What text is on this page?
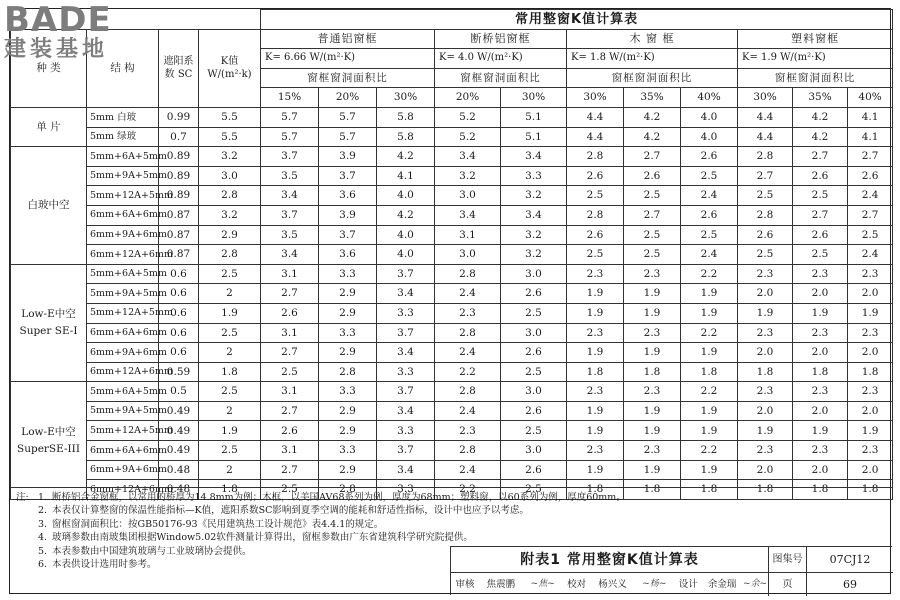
BADE
建装基地
				常用整窗K值计算表										
种 类	结 构	遮阳系数 SC	K值 W/(m²·k)	普通铝窗框			断桥铝窗框		木 窗 框			塑料窗框		
				K= 6.66 W/(m²·K)			K= 4.0 W/(m²·K)		K= 1.8 W/(m²·K)			K= 1.9 W/(m²·K)		
				窗框窗洞面积比			窗框窗洞面积比		窗框窗洞面积比			窗框窗洞面积比		
				15%	20%	30%	20%	30%	30%	35%	40%	30%	35%	40%
单 片	5mm 白玻	0.99	5.5	5.7	5.7	5.8	5.2	5.1	4.4	4.2	4.0	4.4	4.2	4.1
	5mm 绿玻	0.7	5.5	5.7	5.7	5.8	5.2	5.1	4.4	4.2	4.0	4.4	4.2	4.1
白玻中空	5mm+6A+5mm	0.89	3.2	3.7	3.9	4.2	3.4	3.4	2.8	2.7	2.6	2.8	2.7	2.7
	5mm+9A+5mm	0.89	3.0	3.5	3.7	4.1	3.2	3.3	2.6	2.6	2.5	2.7	2.6	2.6
	5mm+12A+5mm	0.89	2.8	3.4	3.6	4.0	3.0	3.2	2.5	2.5	2.4	2.5	2.5	2.4
	6mm+6A+6mm	0.87	3.2	3.7	3.9	4.2	3.4	3.4	2.8	2.7	2.6	2.8	2.7	2.7
	6mm+9A+6mm	0.87	2.9	3.5	3.7	4.0	3.1	3.2	2.6	2.5	2.5	2.6	2.6	2.5
	6mm+12A+6mm	0.87	2.8	3.4	3.6	4.0	3.0	3.2	2.5	2.5	2.4	2.5	2.5	2.4
Low-E中空 Super SE-I	5mm+6A+5mm	0.6	2.5	3.1	3.3	3.7	2.8	3.0	2.3	2.3	2.2	2.3	2.3	2.3
	5mm+9A+5mm	0.6	2	2.7	2.9	3.4	2.4	2.6	1.9	1.9	1.9	2.0	2.0	2.0
	5mm+12A+5mm	0.6	1.9	2.6	2.9	3.3	2.3	2.5	1.9	1.9	1.9	1.9	1.9	1.9
	6mm+6A+6mm	0.6	2.5	3.1	3.3	3.7	2.8	3.0	2.3	2.3	2.2	2.3	2.3	2.3
	6mm+9A+6mm	0.6	2	2.7	2.9	3.4	2.4	2.6	1.9	1.9	1.9	2.0	2.0	2.0
	6mm+12A+6mm	0.59	1.8	2.5	2.8	3.3	2.2	2.5	1.8	1.8	1.8	1.8	1.8	1.8
Low-E中空 SuperSE-III	5mm+6A+5mm	0.5	2.5	3.1	3.3	3.7	2.8	3.0	2.3	2.3	2.2	2.3	2.3	2.3
	5mm+9A+5mm	0.49	2	2.7	2.9	3.4	2.4	2.6	1.9	1.9	1.9	2.0	2.0	2.0
	5mm+12A+5mm	0.49	1.9	2.6	2.9	3.3	2.3	2.5	1.9	1.9	1.9	1.9	1.9	1.9
	6mm+6A+6mm	0.49	2.5	3.1	3.3	3.7	2.8	3.0	2.3	2.3	2.2	2.3	2.3	2.3
	6mm+9A+6mm	0.48	2	2.7	2.9	3.4	2.4	2.6	1.9	1.9	1.9	2.0	2.0	2.0
	6mm+12A+6mm	0.48	1.8	2.5	2.8	3.3	2.2	2.5	1.8	1.8	1.8	1.8	1.8	1.8
注: 1. 断桥铝合金窗框，以常用的桥厚为14.8mm为例；木框，以美国AV68系列为例，厚度为68mm；塑料窗，以60系列为例，厚度60mm。
2. 本表仅计算整窗的保温性能指标—K值，遮阳系数SC影响到夏季空调的能耗和舒适性指标，设计中也应予以考虑。
3. 窗框窗洞面积比：按GB50176-93《民用建筑热工设计规范》表4.4.1的规定。
4. 玻璃参数由南玻集团根据Window5.02软件测量计算得出，窗框参数由广东省建筑科学研究院提供。
5. 本表参数由中国建筑玻璃与工业玻璃协会提供。
6. 本表供设计选用时参考。	附表1 常用整窗K值计算表	图集号	07CJ12
审核	焦震鹏	~焦~	校对	杨兴义	~杨~	设计	余金瑞 ~余~	页	69
